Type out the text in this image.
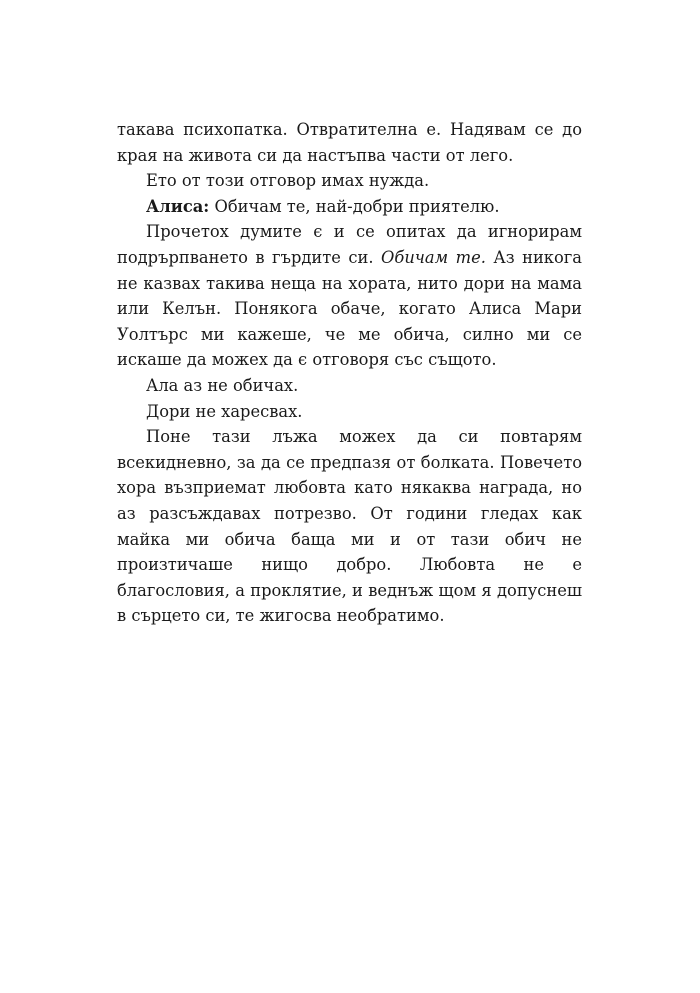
такава психопатка. Отвратителна е. Надявам се до края на живота си да настъпва части от лего.

Ето от този отговор имах нужда.

Алиса: Обичам те, най-добри приятелю.

Прочетох думите є и се опитах да игнорирам подрърпването в гърдите си. Обичам те. Аз никога не казвах такива неща на хората, нито дори на мама или Келън. Понякога обаче, когато Алиса Мари Уолтърс ми кажеше, че ме обича, силно ми се искаше да можех да є отговоря със същото.

Ала аз не обичах.

Дори не харесвах.

Поне тази лъжа можех да си повтарям всекидневно, за да се предпазя от болката. Повечето хора възприемат любовта като някаква награда, но аз разсъждавах потрезво. От години гледах как майка ми обича баща ми и от тази обич не произтичаше нищо добро. Любовта не е благословия, а проклятие, и веднъж щом я допуснеш в сърцето си, те жигосва необратимо.
